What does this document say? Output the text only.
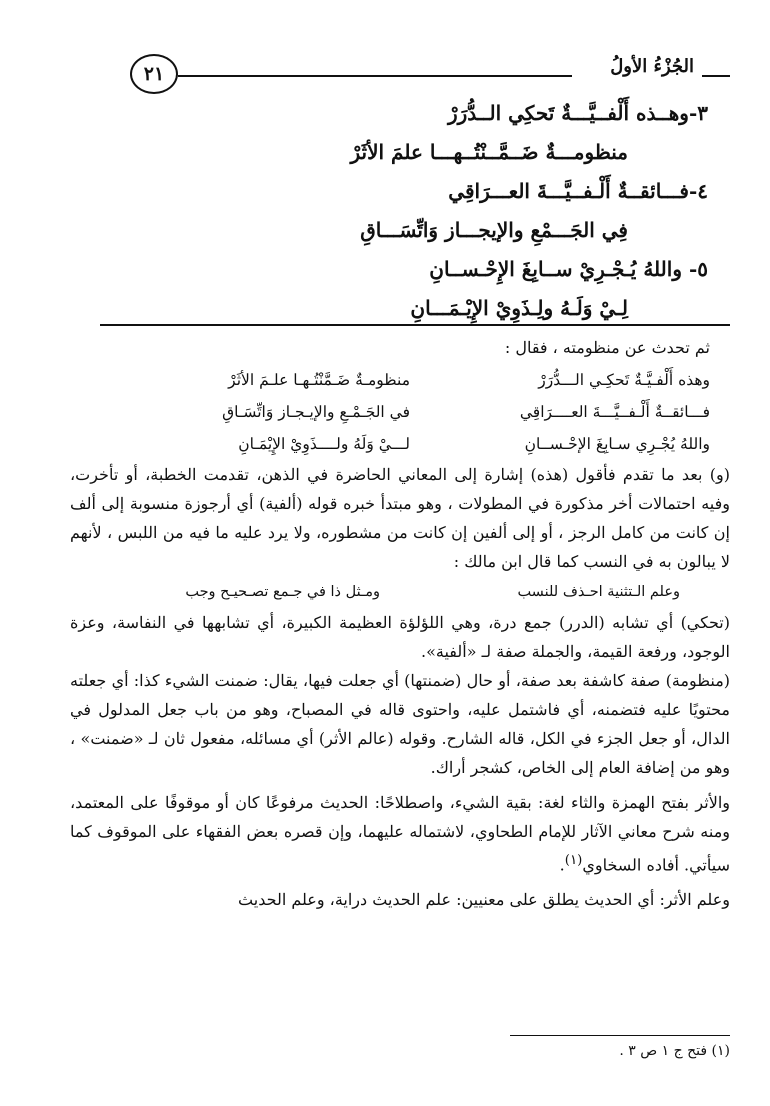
الجُزْءُ الأولُ
٢١
٣-وهــذه أَلْفــيَّـــةٌ تَحكِي الــدُّرَرْ
منظومـــةٌ ضَــمَّــنْتُــهـــا علمَ الأثَرْ
٤-فـــائقــةٌ أَلْـفــيَّـــةَ العـــرَاقِي
فِي الجَـــمْعِ والإيجـــاز وَاتِّسَـــاقِ
٥- واللهُ يُـجْـرِيْ ســابِغَ الإِحْـســانِ
لِـيْ وَلَـهُ ولِـذَوِيْ الإِيْـمَـــانِ
ثم تحدث عن منظومته ، فقال :
وهذه أَلْفـيَّـةٌ تَحكِـي الـــدُّرَرْ
منظومـةٌ ضَـمَّنْتُـهـا علـمَ الأثَرْ
فـــائقــةٌ أَلْـفــيَّـــةَ العــــرَاقِي
في الجَـمْـعِ والإيـجـاز وَاتِّسَـاقِ
واللهُ يُجْـرِي سـابِغَ الإحْـســانِ
لـــيْ وَلَهُ ولــــذَوِيْ الإِيْمَـانِ

(و) بعد ما تقدم فأقول (هذه) إشارة إلى المعاني الحاضرة في الذهن، تقدمت الخطبة، أو تأخرت، وفيه احتمالات أخر مذكورة في المطولات ، وهو مبتدأ خبره قوله (ألفية) أي أرجوزة منسوبة إلى ألف إن كانت من كامل الرجز ، أو إلى ألفين إن كانت من مشطوره، ولا يرد عليه ما فيه من اللبس ، لأنهم لا يبالون به في النسب كما قال ابن مالك :

وعلم الـتثنية احـذف للنسب
ومـثل ذا في جـمع تصـحيـح وجب

(تحكي) أي تشابه (الدرر) جمع درة، وهي اللؤلؤة العظيمة الكبيرة، أي تشابهها في النفاسة، وعزة الوجود، ورفعة القيمة، والجملة صفة لـ «ألفية».

(منظومة) صفة كاشفة بعد صفة، أو حال (ضمنتها) أي جعلت فيها، يقال: ضمنت الشيء كذا: أي جعلته محتويًا عليه فتضمنه، أي فاشتمل عليه، واحتوى قاله في المصباح، وهو من باب جعل المدلول في الدال، أو جعل الجزء في الكل، قاله الشارح. وقوله (عالم الأثر) أي مسائله، مفعول ثان لـ «ضمنت» ، وهو من إضافة العام إلى الخاص، كشجر أراك.

والأثر بفتح الهمزة والثاء لغة: بقية الشيء، واصطلاحًا: الحديث مرفوعًا كان أو موقوفًا على المعتمد، ومنه شرح معاني الآثار للإمام الطحاوي، لاشتماله عليهما، وإن قصره بعض الفقهاء على الموقوف كما سيأتي. أفاده السخاوي$^{(١)}$.

وعلم الأثر: أي الحديث يطلق على معنيين: علم الحديث دراية، وعلم الحديث

(١) فتح ج ١ ص ٣ .
